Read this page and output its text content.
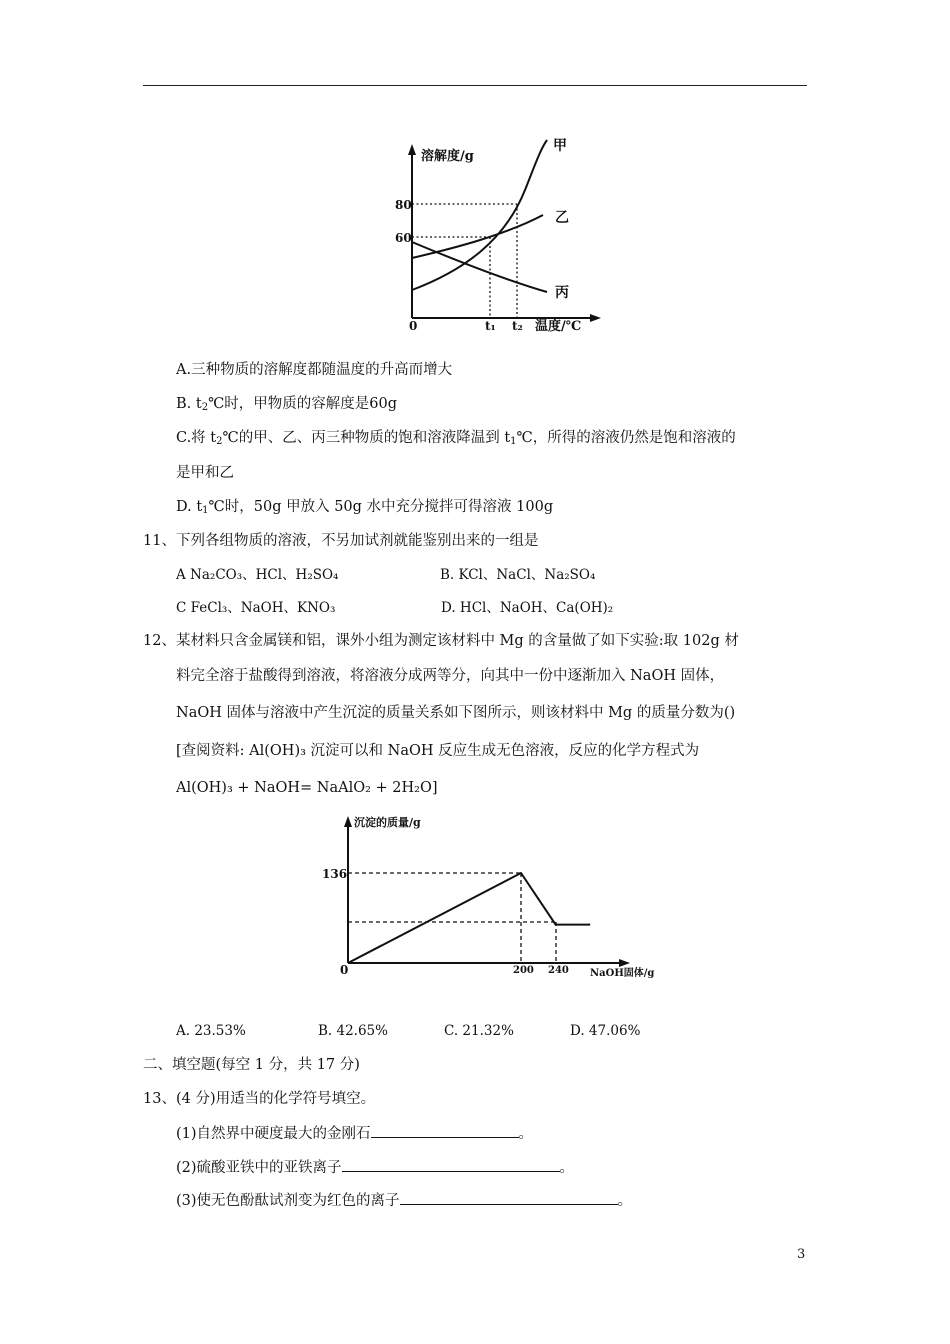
溶解度/g
80
60
0	t₁ t₂ 温度/℃
甲
乙
丙
A.三种物质的溶解度都随温度的升高而增大
B. $t_2℃$时，甲物质的容解度是60g
C.将 $t_2℃$的甲、乙、丙三种物质的饱和溶液降温到 $t_1℃$，所得的溶液仍然是饱和溶液的
是甲和乙
D. $t_1℃$时，50g 甲放入 50g 水中充分搅拌可得溶液 100g
11、下列各组物质的溶液，不另加试剂就能鉴别出来的一组是
A Na₂CO₃、HCl、H₂SO₄	B. KCl、NaCl、Na₂SO₄
C FeCl₃、NaOH、KNO₃	D. HCl、NaOH、Ca(OH)₂
12、某材料只含金属镁和铝，课外小组为测定该材料中 Mg 的含量做了如下实验:取 102g 材
料完全溶于盐酸得到溶液，将溶液分成两等分，向其中一份中逐渐加入 NaOH 固体，
NaOH 固体与溶液中产生沉淀的质量关系如下图所示，则该材料中 Mg 的质量分数为()
[查阅资料: Al(OH)₃ 沉淀可以和 NaOH 反应生成无色溶液，反应的化学方程式为
Al(OH)₃ + NaOH= NaAlO₂ + 2H₂O]
沉淀的质量/g
136
0	200 240 NaOH固体/g
A. 23.53%	B. 42.65%	C. 21.32%	D. 47.06%
二、填空题(每空 1 分，共 17 分)
13、(4 分)用适当的化学符号填空。
(1)自然界中硬度最大的金刚石	。
(2)硫酸亚铁中的亚铁离子	。
(3)使无色酚酞试剂变为红色的离子	。
3
